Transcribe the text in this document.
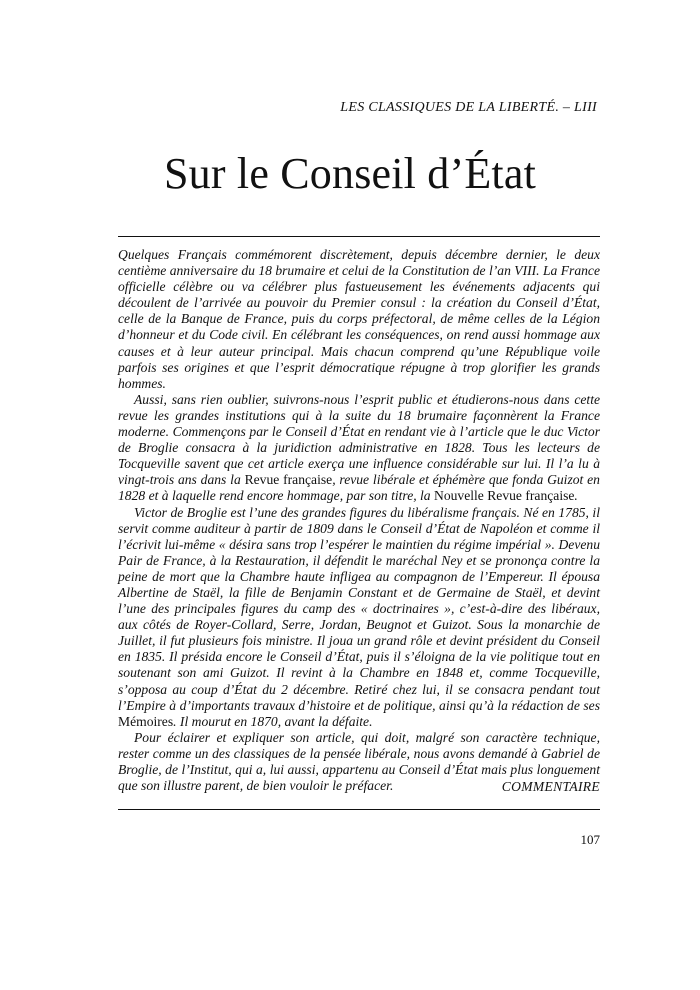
LES CLASSIQUES DE LA LIBERTÉ. – LIII
Sur le Conseil d’État

Quelques Français commémorent discrètement, depuis décembre dernier, le deux centième anniversaire du 18 brumaire et celui de la Constitution de l’an VIII. La France officielle célèbre ou va célébrer plus fastueusement les événements adjacents qui découlent de l’arrivée au pouvoir du Premier consul : la création du Conseil d’État, celle de la Banque de France, puis du corps préfectoral, de même celles de la Légion d’honneur et du Code civil. En célébrant les conséquences, on rend aussi hommage aux causes et à leur auteur principal. Mais chacun comprend qu’une République voile parfois ses origines et que l’esprit démocratique répugne à trop glorifier les grands hommes.

Aussi, sans rien oublier, suivrons-nous l’esprit public et étudierons-nous dans cette revue les grandes institutions qui à la suite du 18 brumaire façonnèrent la France moderne. Commençons par le Conseil d’État en rendant vie à l’article que le duc Victor de Broglie consacra à la juridiction administrative en 1828. Tous les lecteurs de Tocqueville savent que cet article exerça une influence considérable sur lui. Il l’a lu à vingt-trois ans dans la Revue française, revue libérale et éphémère que fonda Guizot en 1828 et à laquelle rend encore hommage, par son titre, la Nouvelle Revue française.

Victor de Broglie est l’une des grandes figures du libéralisme français. Né en 1785, il servit comme auditeur à partir de 1809 dans le Conseil d’État de Napoléon et comme il l’écrivit lui-même « désira sans trop l’espérer le maintien du régime impérial ». Devenu Pair de France, à la Restauration, il défendit le maréchal Ney et se prononça contre la peine de mort que la Chambre haute infligea au compagnon de l’Empereur. Il épousa Albertine de Staël, la fille de Benjamin Constant et de Germaine de Staël, et devint l’une des principales figures du camp des « doctrinaires », c’est-à-dire des libéraux, aux côtés de Royer-Collard, Serre, Jordan, Beugnot et Guizot. Sous la monarchie de Juillet, il fut plusieurs fois ministre. Il joua un grand rôle et devint président du Conseil en 1835. Il présida encore le Conseil d’État, puis il s’éloigna de la vie politique tout en soutenant son ami Guizot. Il revint à la Chambre en 1848 et, comme Tocqueville, s’opposa au coup d’État du 2 décembre. Retiré chez lui, il se consacra pendant tout l’Empire à d’importants travaux d’histoire et de politique, ainsi qu’à la rédaction de ses Mémoires. Il mourut en 1870, avant la défaite.

Pour éclairer et expliquer son article, qui doit, malgré son caractère technique, rester comme un des classiques de la pensée libérale, nous avons demandé à Gabriel de Broglie, de l’Institut, qui a, lui aussi, appartenu au Conseil d’État mais plus longuement que son illustre parent, de bien vouloir le préfacer.	COMMENTAIRE
107
